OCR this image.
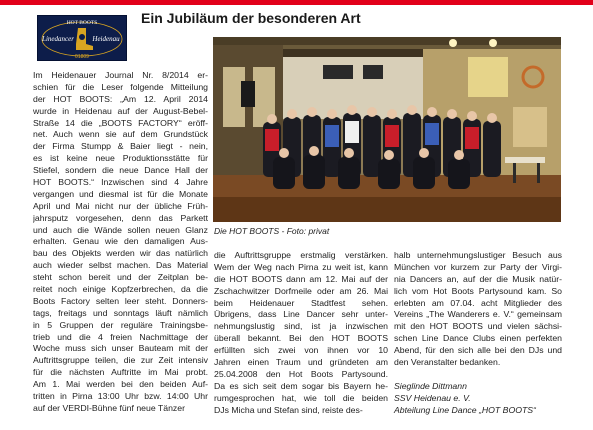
HOT BOOTS
Linedancer	Heidenau
01809
Ein Jubiläum der besonderen Art
Im Heidenauer Journal Nr. 8/2014 er-
schien für die Leser folgende Mitteilung
der HOT BOOTS: „Am 12. April 2014
wurde in Heidenau auf der August-Bebel-
Straße 14 die „BOOTS FACTORY“ eröff-
net. Auch wenn sie auf dem Grundstück
der Firma Stumpp & Baier liegt - nein,
es ist keine neue Produktionsstätte für
Stiefel, sondern die neue Dance Hall der
HOT BOOTS.“ Inzwischen sind 4 Jahre
vergangen und diesmal ist für die Monate
April und Mai nicht nur der übliche Früh-
jahrsputz vorgesehen, denn das Parkett
und auch die Wände sollen neuen Glanz
erhalten. Genau wie den damaligen Aus-
bau des Objekts werden wir das natürlich
auch wieder selbst machen. Das Material
steht schon bereit und der Zeitplan be-
reitet noch einige Kopfzerbrechen, da die
Boots Factory selten leer steht. Donners-
tags, freitags und sonntags läuft nämlich
in 5 Gruppen der reguläre Trainingsbe-
trieb und die 4 freien Nachmittage der
Woche muss sich unser Bauteam mit der
Auftrittsgruppe teilen, die zur Zeit intensiv
für die nächsten Auftritte im Mai probt.
Am 1. Mai werden bei den beiden Auf-
tritten in Pirna 13:00 Uhr bzw. 14:00 Uhr
auf der VERDI-Bühne fünf neue Tänzer
Die HOT BOOTS - Foto: privat
die Auftrittsgruppe erstmalig verstärken.
Wem der Weg nach Pirna zu weit ist, kann
die HOT BOOTS dann am 12. Mai auf der
Zschachwitzer Dorfmeile oder am 26. Mai
beim Heidenauer Stadtfest sehen.
Übrigens, dass Line Dancer sehr unter-
nehmungslustig sind, ist ja inzwischen
überall bekannt. Bei den HOT BOOTS
erfüllten sich zwei von ihnen vor 10
Jahren einen Traum und gründeten am
25.04.2008 den Hot Boots Partysound.
Da es sich seit dem sogar bis Bayern he-
rumgesprochen hat, wie toll die beiden
DJs Micha und Stefan sind, reiste des-
halb unternehmungslustiger Besuch aus
München vor kurzem zur Party der Virgi-
nia Dancers an, auf der die Musik natür-
lich vom Hot Boots Partysound kam. So
erlebten am 07.04. acht Mitglieder des
Vereins „The Wanderers e. V.“ gemeinsam
mit den HOT BOOTS und vielen sächsi-
schen Line Dance Clubs einen perfekten
Abend, für den sich alle bei den DJs und
den Veranstalter bedanken.
Sieglinde Dittmann
SSV Heidenau e. V.
Abteilung Line Dance „HOT BOOTS“
